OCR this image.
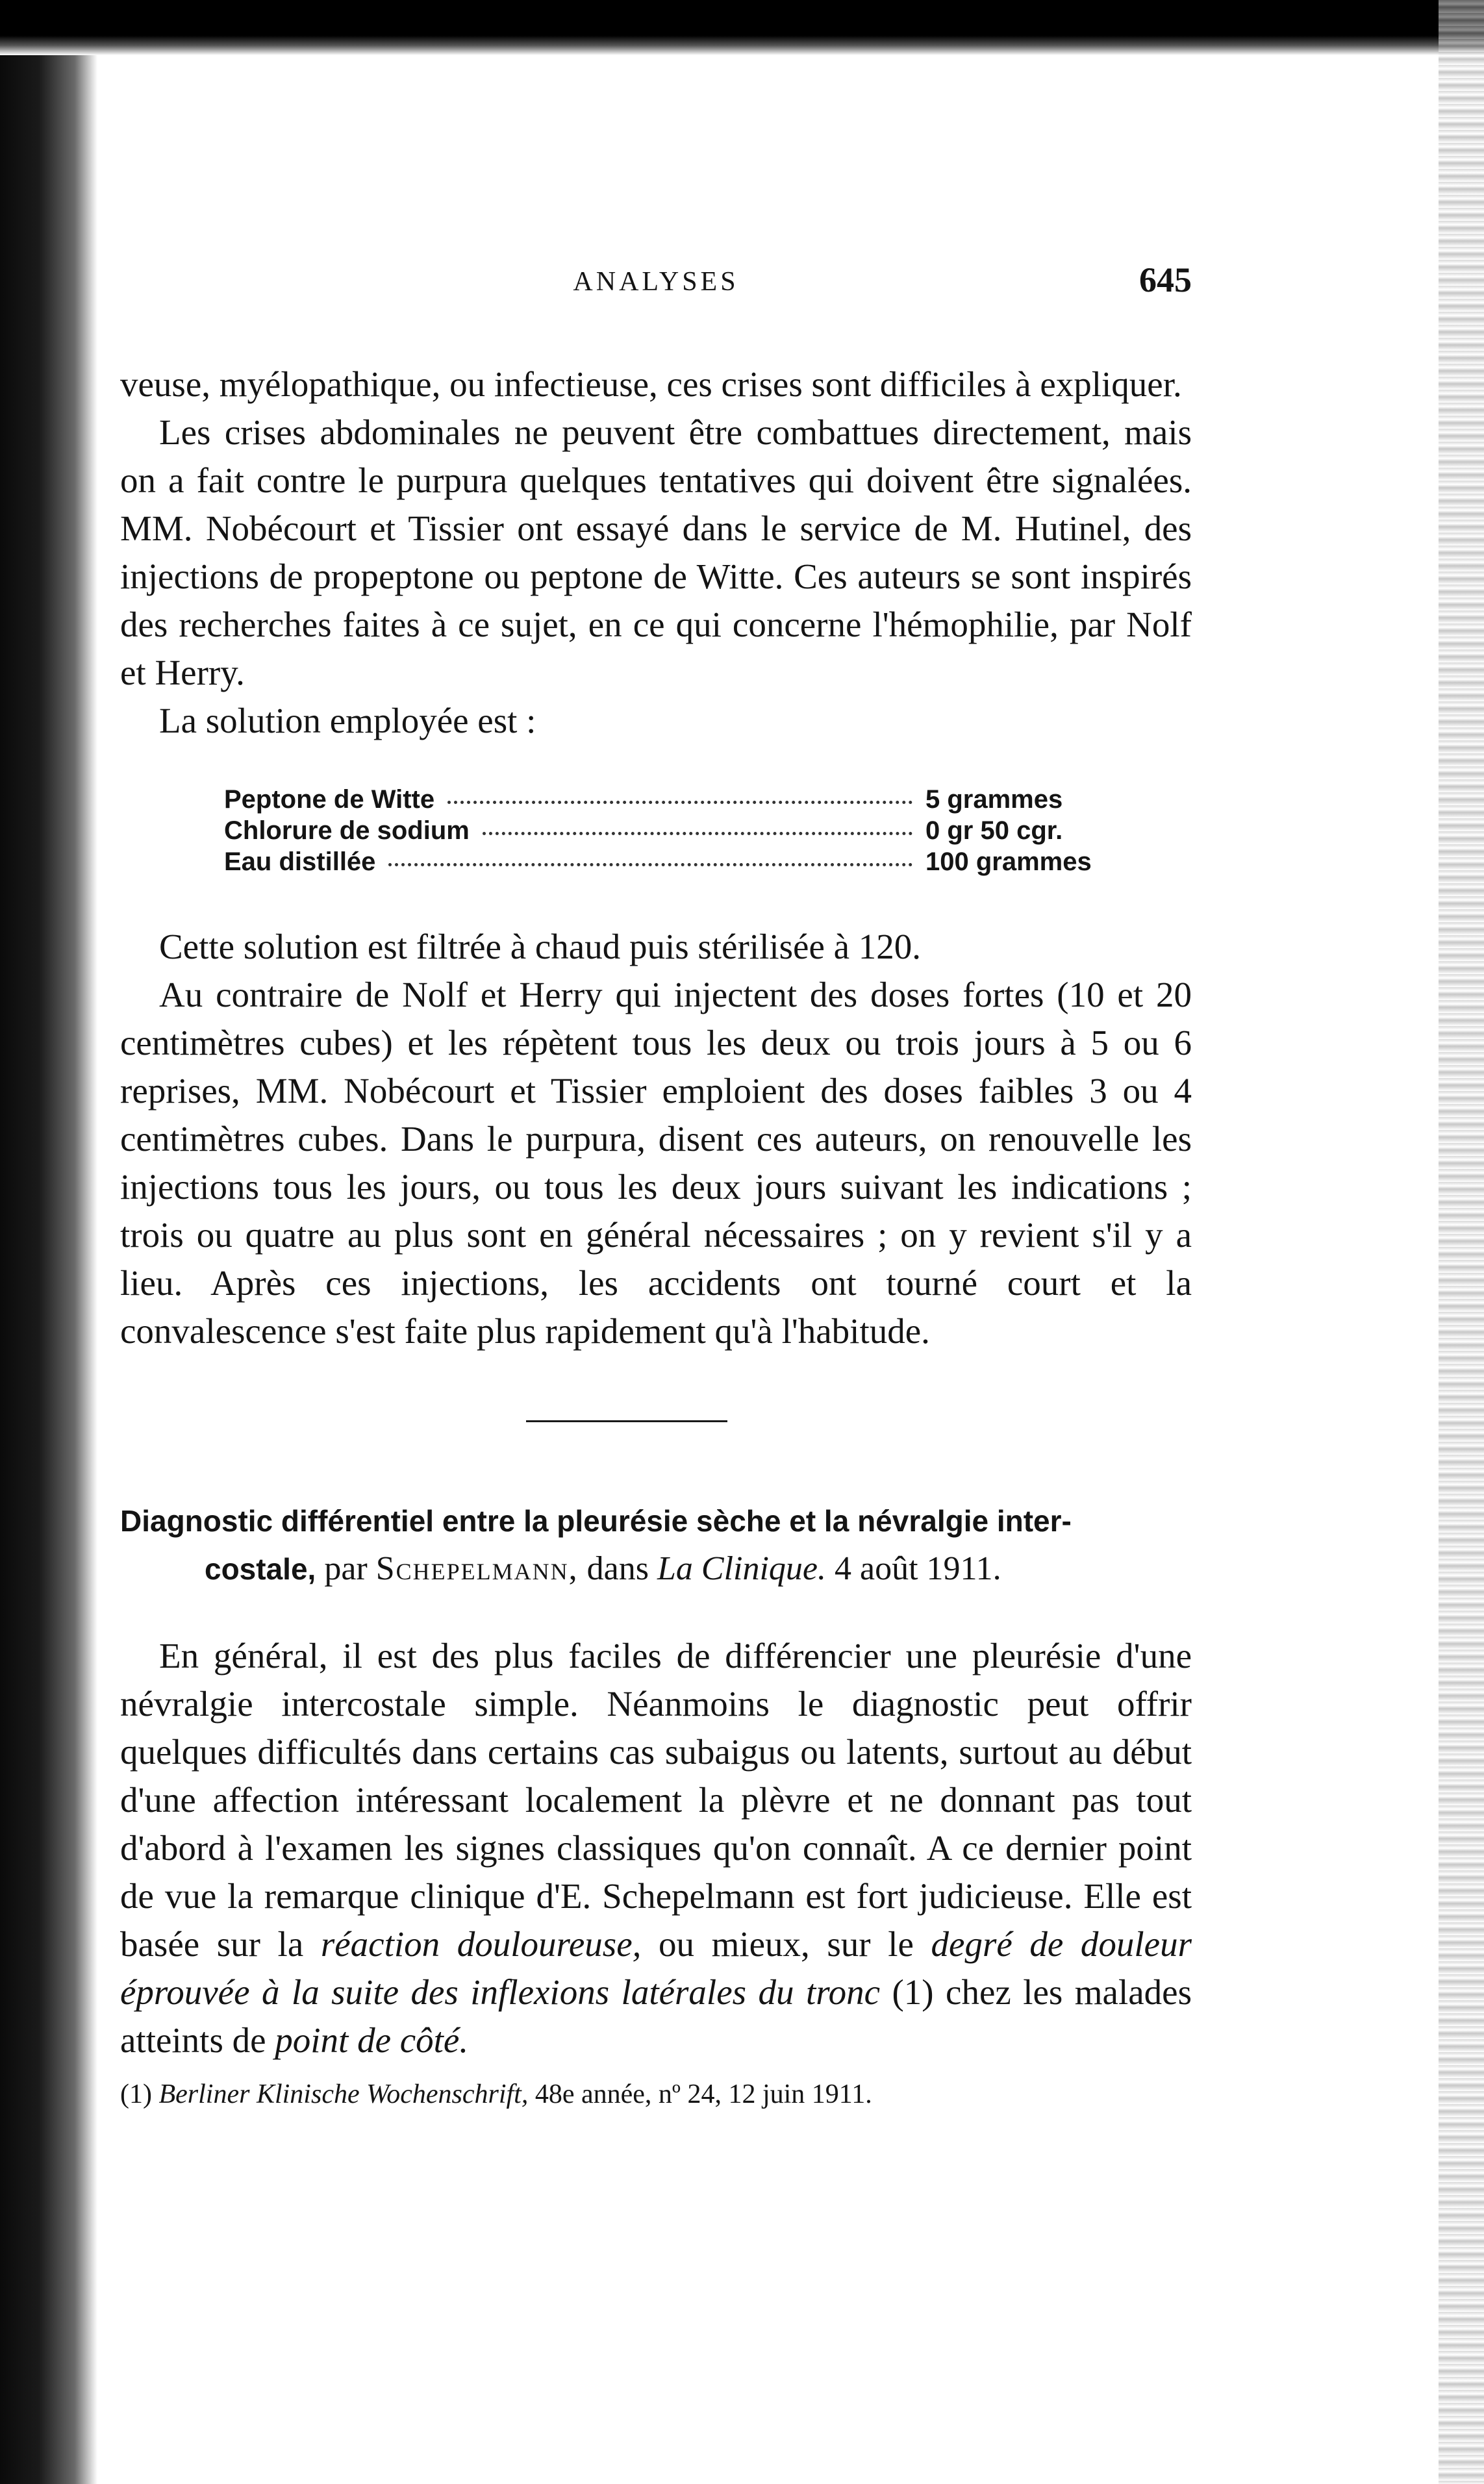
ANALYSES	645

veuse, myélopathique, ou infectieuse, ces crises sont difficiles à expliquer.

Les crises abdominales ne peuvent être combattues directement, mais on a fait contre le purpura quelques tentatives qui doivent être signalées. MM. Nobécourt et Tissier ont essayé dans le service de M. Hutinel, des injections de propeptone ou peptone de Witte. Ces auteurs se sont inspirés des recherches faites à ce sujet, en ce qui concerne l'hémophilie, par Nolf et Herry.

La solution employée est :

Peptone de Witte	5 grammes
Chlorure de sodium	0 gr 50 cgr.
Eau distillée	100 grammes

Cette solution est filtrée à chaud puis stérilisée à 120.

Au contraire de Nolf et Herry qui injectent des doses fortes (10 et 20 centimètres cubes) et les répètent tous les deux ou trois jours à 5 ou 6 reprises, MM. Nobécourt et Tissier emploient des doses faibles 3 ou 4 centimètres cubes. Dans le purpura, disent ces auteurs, on renouvelle les injections tous les jours, ou tous les deux jours suivant les indications ; trois ou quatre au plus sont en général nécessaires ; on y revient s'il y a lieu. Après ces injections, les accidents ont tourné court et la convalescence s'est faite plus rapidement qu'à l'habitude.

Diagnostic différentiel entre la pleurésie sèche et la névralgie inter-
costale, par Schepelmann, dans La Clinique. 4 août 1911.

En général, il est des plus faciles de différencier une pleurésie d'une névralgie intercostale simple. Néanmoins le diagnostic peut offrir quelques difficultés dans certains cas subaigus ou latents, surtout au début d'une affection intéressant localement la plèvre et ne donnant pas tout d'abord à l'examen les signes classiques qu'on connaît. A ce dernier point de vue la remarque clinique d'E. Schepelmann est fort judicieuse. Elle est basée sur la réaction douloureuse, ou mieux, sur le degré de douleur éprouvée à la suite des inflexions latérales du tronc (1) chez les malades atteints de point de côté.

(1) Berliner Klinische Wochenschrift, 48e année, nº 24, 12 juin 1911.
